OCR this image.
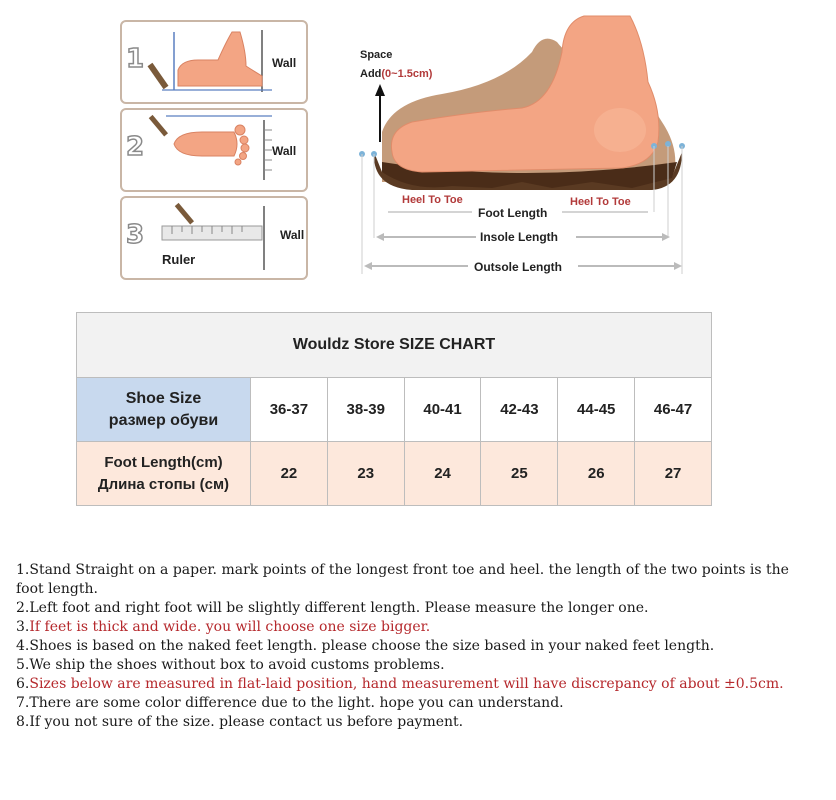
1	Wall
2	Wall
3	Wall
Ruler
Space
Add(0~1.5cm)
Heel To Toe	Heel To Toe
Foot Length
Insole Length
Outsole Length
Wouldz Store SIZE CHART						

Shoe Size
размер обуви	36-37	38-39	40-41	42-43	44-45	46-47

Foot Length(cm)
Длина стопы (см)	22	23	24	25	26	27
1.Stand Straight on a paper. mark points of the longest front toe and heel. the length of the two points is the foot length.
2.Left foot and right foot will be slightly different length. Please measure the longer one.
3.If feet is thick and wide. you will choose one size bigger.
4.Shoes is based on the naked feet length. please choose the size based in your naked feet length.
5.We ship the shoes without box to avoid customs problems.
6.Sizes below are measured in flat-laid position, hand measurement will have discrepancy of about ±0.5cm.
7.There are some color difference due to the light. hope you can understand.
8.If you not sure of the size. please contact us before payment.
